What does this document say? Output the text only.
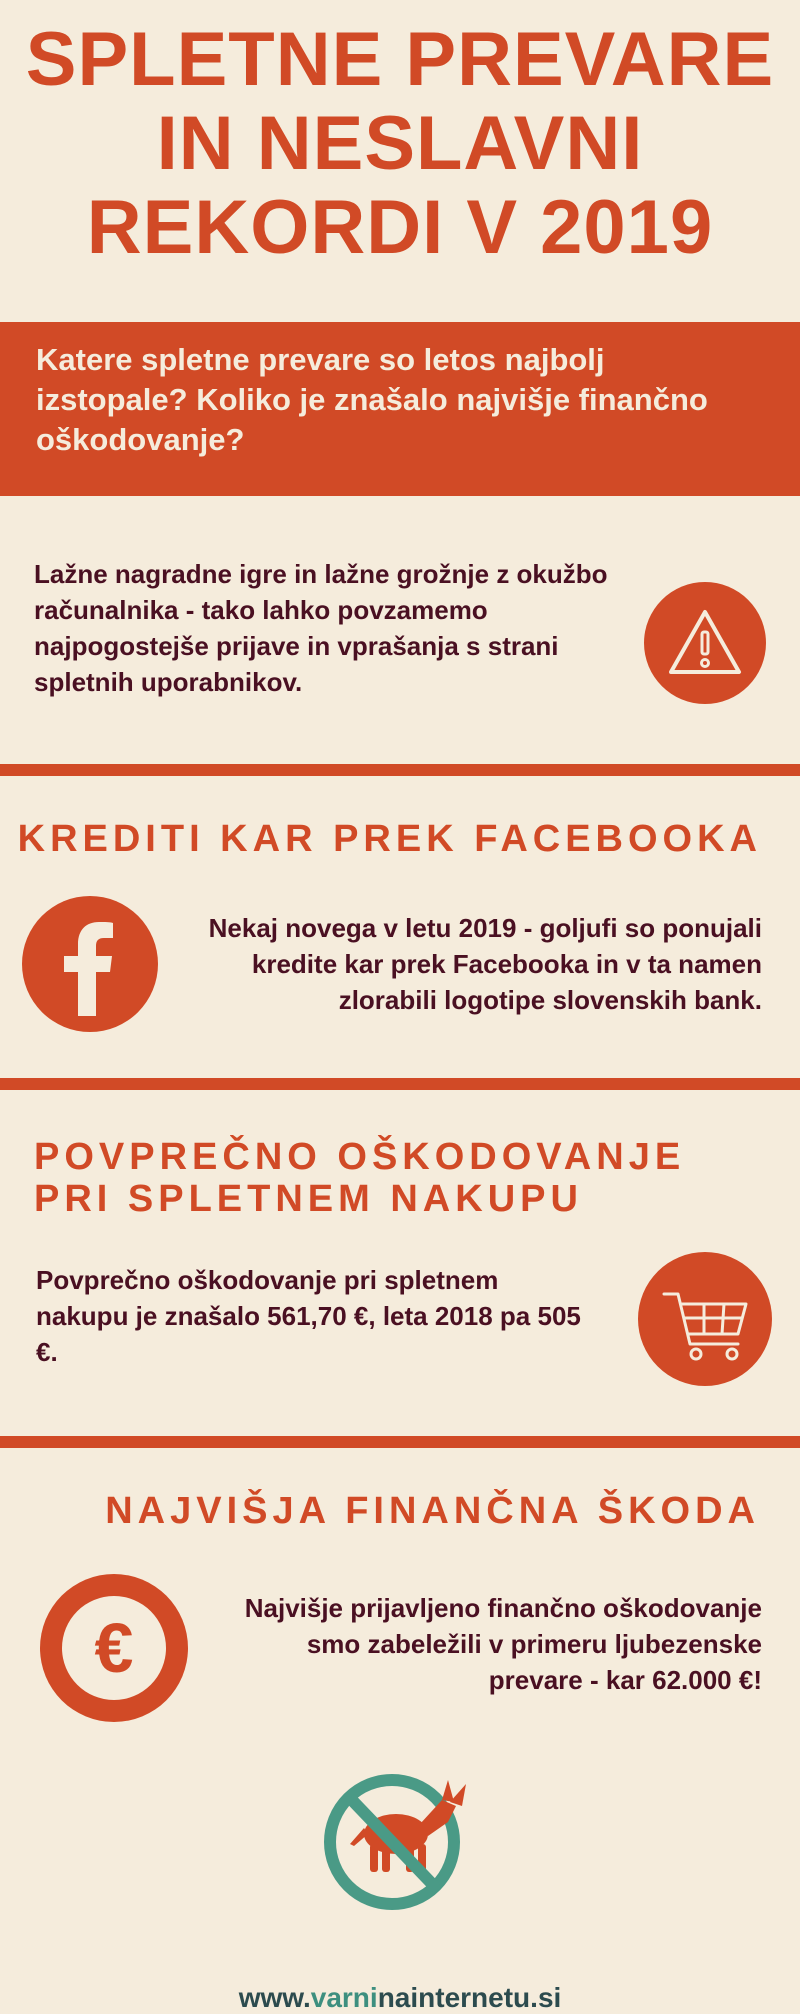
SPLETNE PREVARE
IN NESLAVNI
REKORDI V 2019
Katere spletne prevare so letos najbolj izstopale? Koliko je znašalo najvišje finančno oškodovanje?
Lažne nagradne igre in lažne grožnje z okužbo računalnika - tako lahko povzamemo najpogostejše prijave in vprašanja s strani spletnih uporabnikov.
KREDITI KAR PREK FACEBOOKA
Nekaj novega v letu 2019 - goljufi so ponujali kredite kar prek Facebooka in v ta namen zlorabili logotipe slovenskih bank.
POVPREČNO OŠKODOVANJE PRI SPLETNEM NAKUPU
Povprečno oškodovanje pri spletnem nakupu je znašalo 561,70 €, leta 2018 pa 505 €.
NAJVIŠJA FINANČNA ŠKODA
€
Najvišje prijavljeno finančno oškodovanje smo zabeležili v primeru ljubezenske prevare - kar 62.000 €!
www.varninainternetu.si
